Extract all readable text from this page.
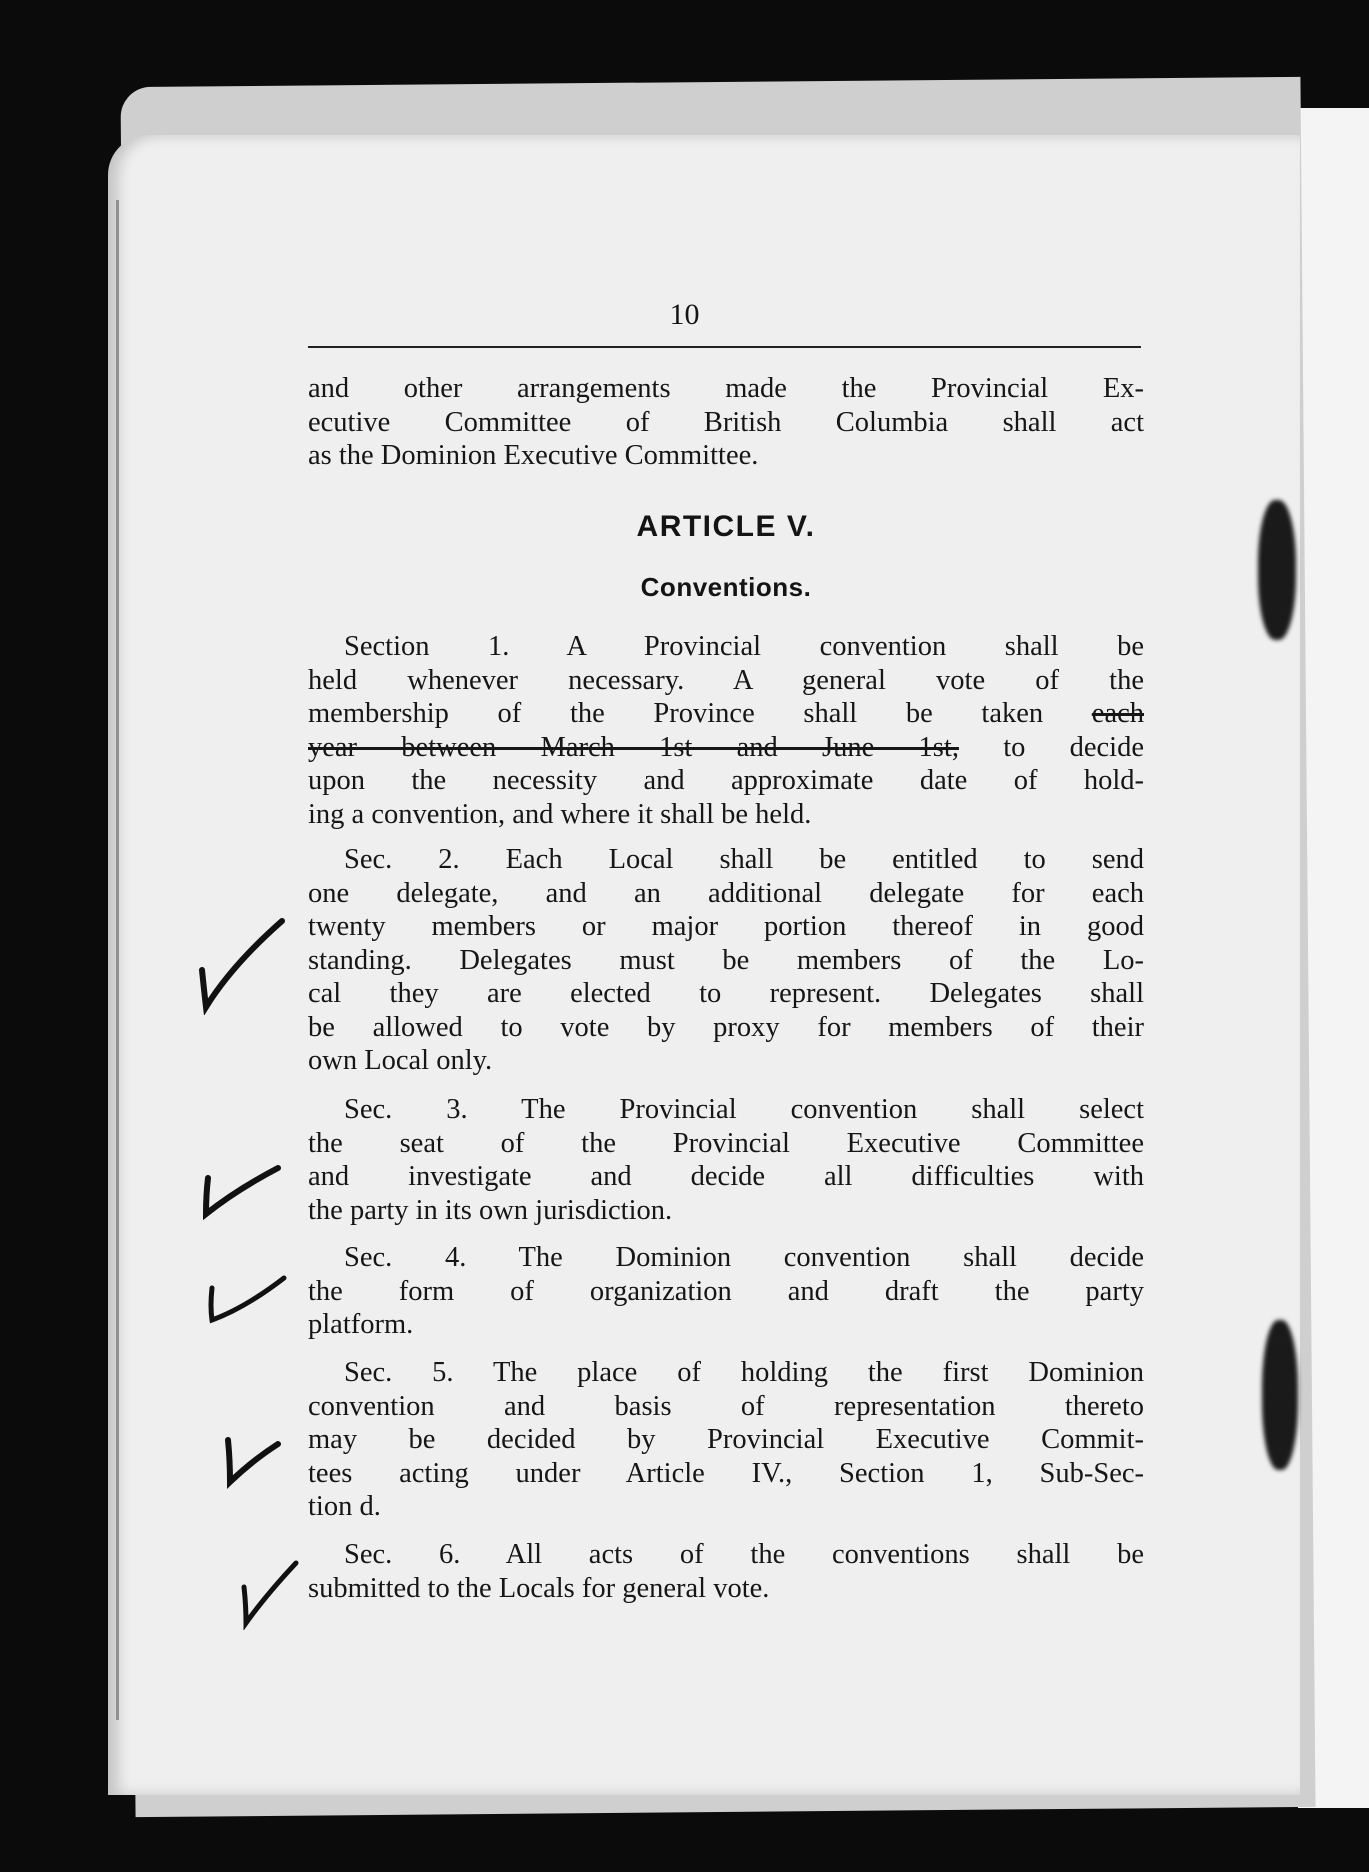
10
and other arrangements made the Provincial Ex-
ecutive Committee of British Columbia shall act
as the Dominion Executive Committee.
ARTICLE V.
Conventions.
Section 1. A Provincial convention shall be
held whenever necessary. A general vote of the
membership of the Province shall be taken each
year between March 1st and June 1st, to decide
upon the necessity and approximate date of hold-
ing a convention, and where it shall be held.
Sec. 2. Each Local shall be entitled to send
one delegate, and an additional delegate for each
twenty members or major portion thereof in good
standing. Delegates must be members of the Lo-
cal they are elected to represent. Delegates shall
be allowed to vote by proxy for members of their
own Local only.
Sec. 3. The Provincial convention shall select
the seat of the Provincial Executive Committee
and investigate and decide all difficulties with
the party in its own jurisdiction.
Sec. 4. The Dominion convention shall decide
the form of organization and draft the party
platform.
Sec. 5. The place of holding the first Dominion
convention and basis of representation thereto
may be decided by Provincial Executive Commit-
tees acting under Article IV., Section 1, Sub-Sec-
tion d.
Sec. 6. All acts of the conventions shall be
submitted to the Locals for general vote.
